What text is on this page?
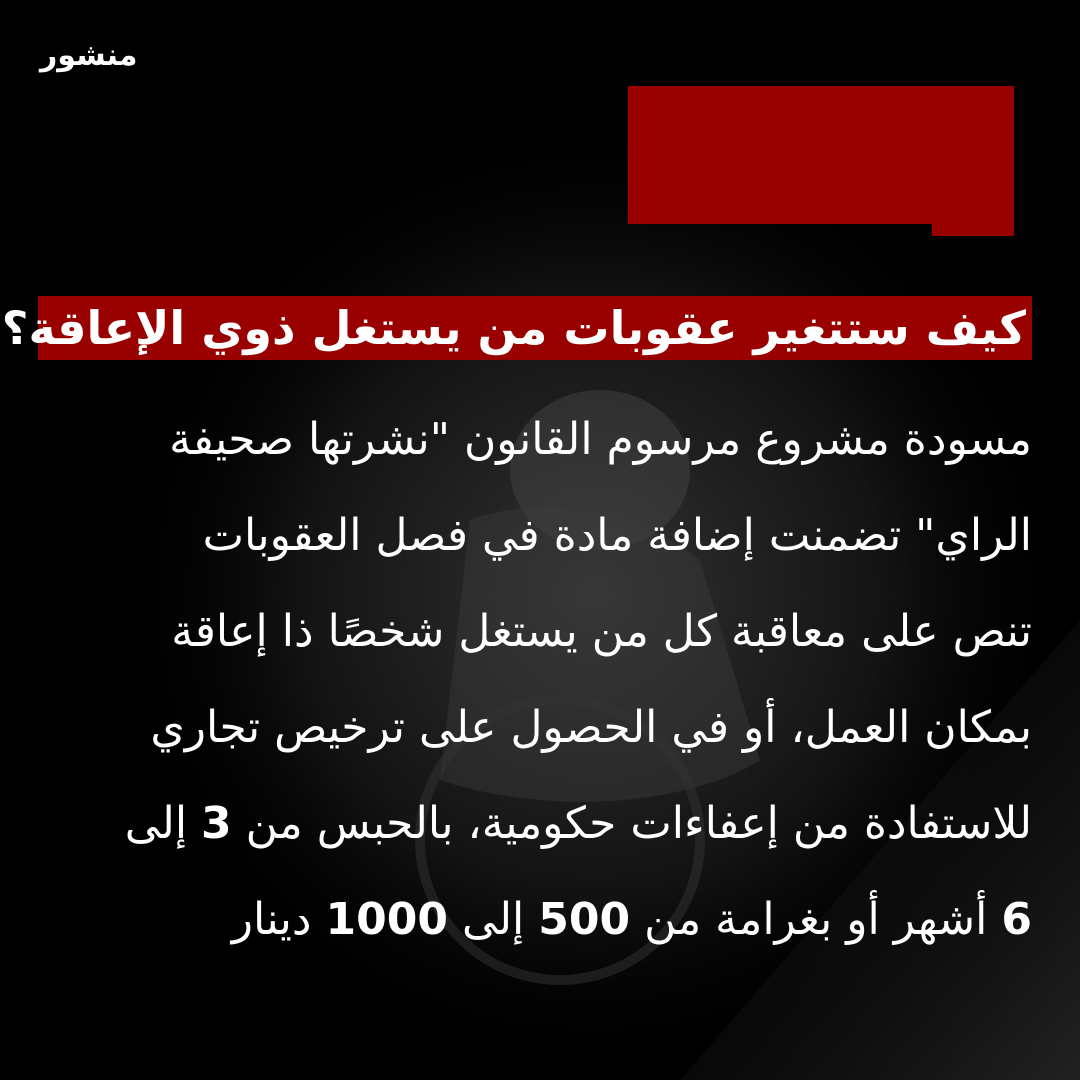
منشور
كيف ستتغير عقوبات من يستغل ذوي الإعاقة؟
مسودة مشروع مرسوم القانون "نشرتها صحيفة
الراي" تضمنت إضافة مادة في فصل العقوبات
تنص على معاقبة كل من يستغل شخصًا ذا إعاقة
بمكان العمل، أو في الحصول على ترخيص تجاري
للاستفادة من إعفاءات حكومية، بالحبس من 3 إلى
6 أشهر أو بغرامة من 500 إلى 1000 دينار
